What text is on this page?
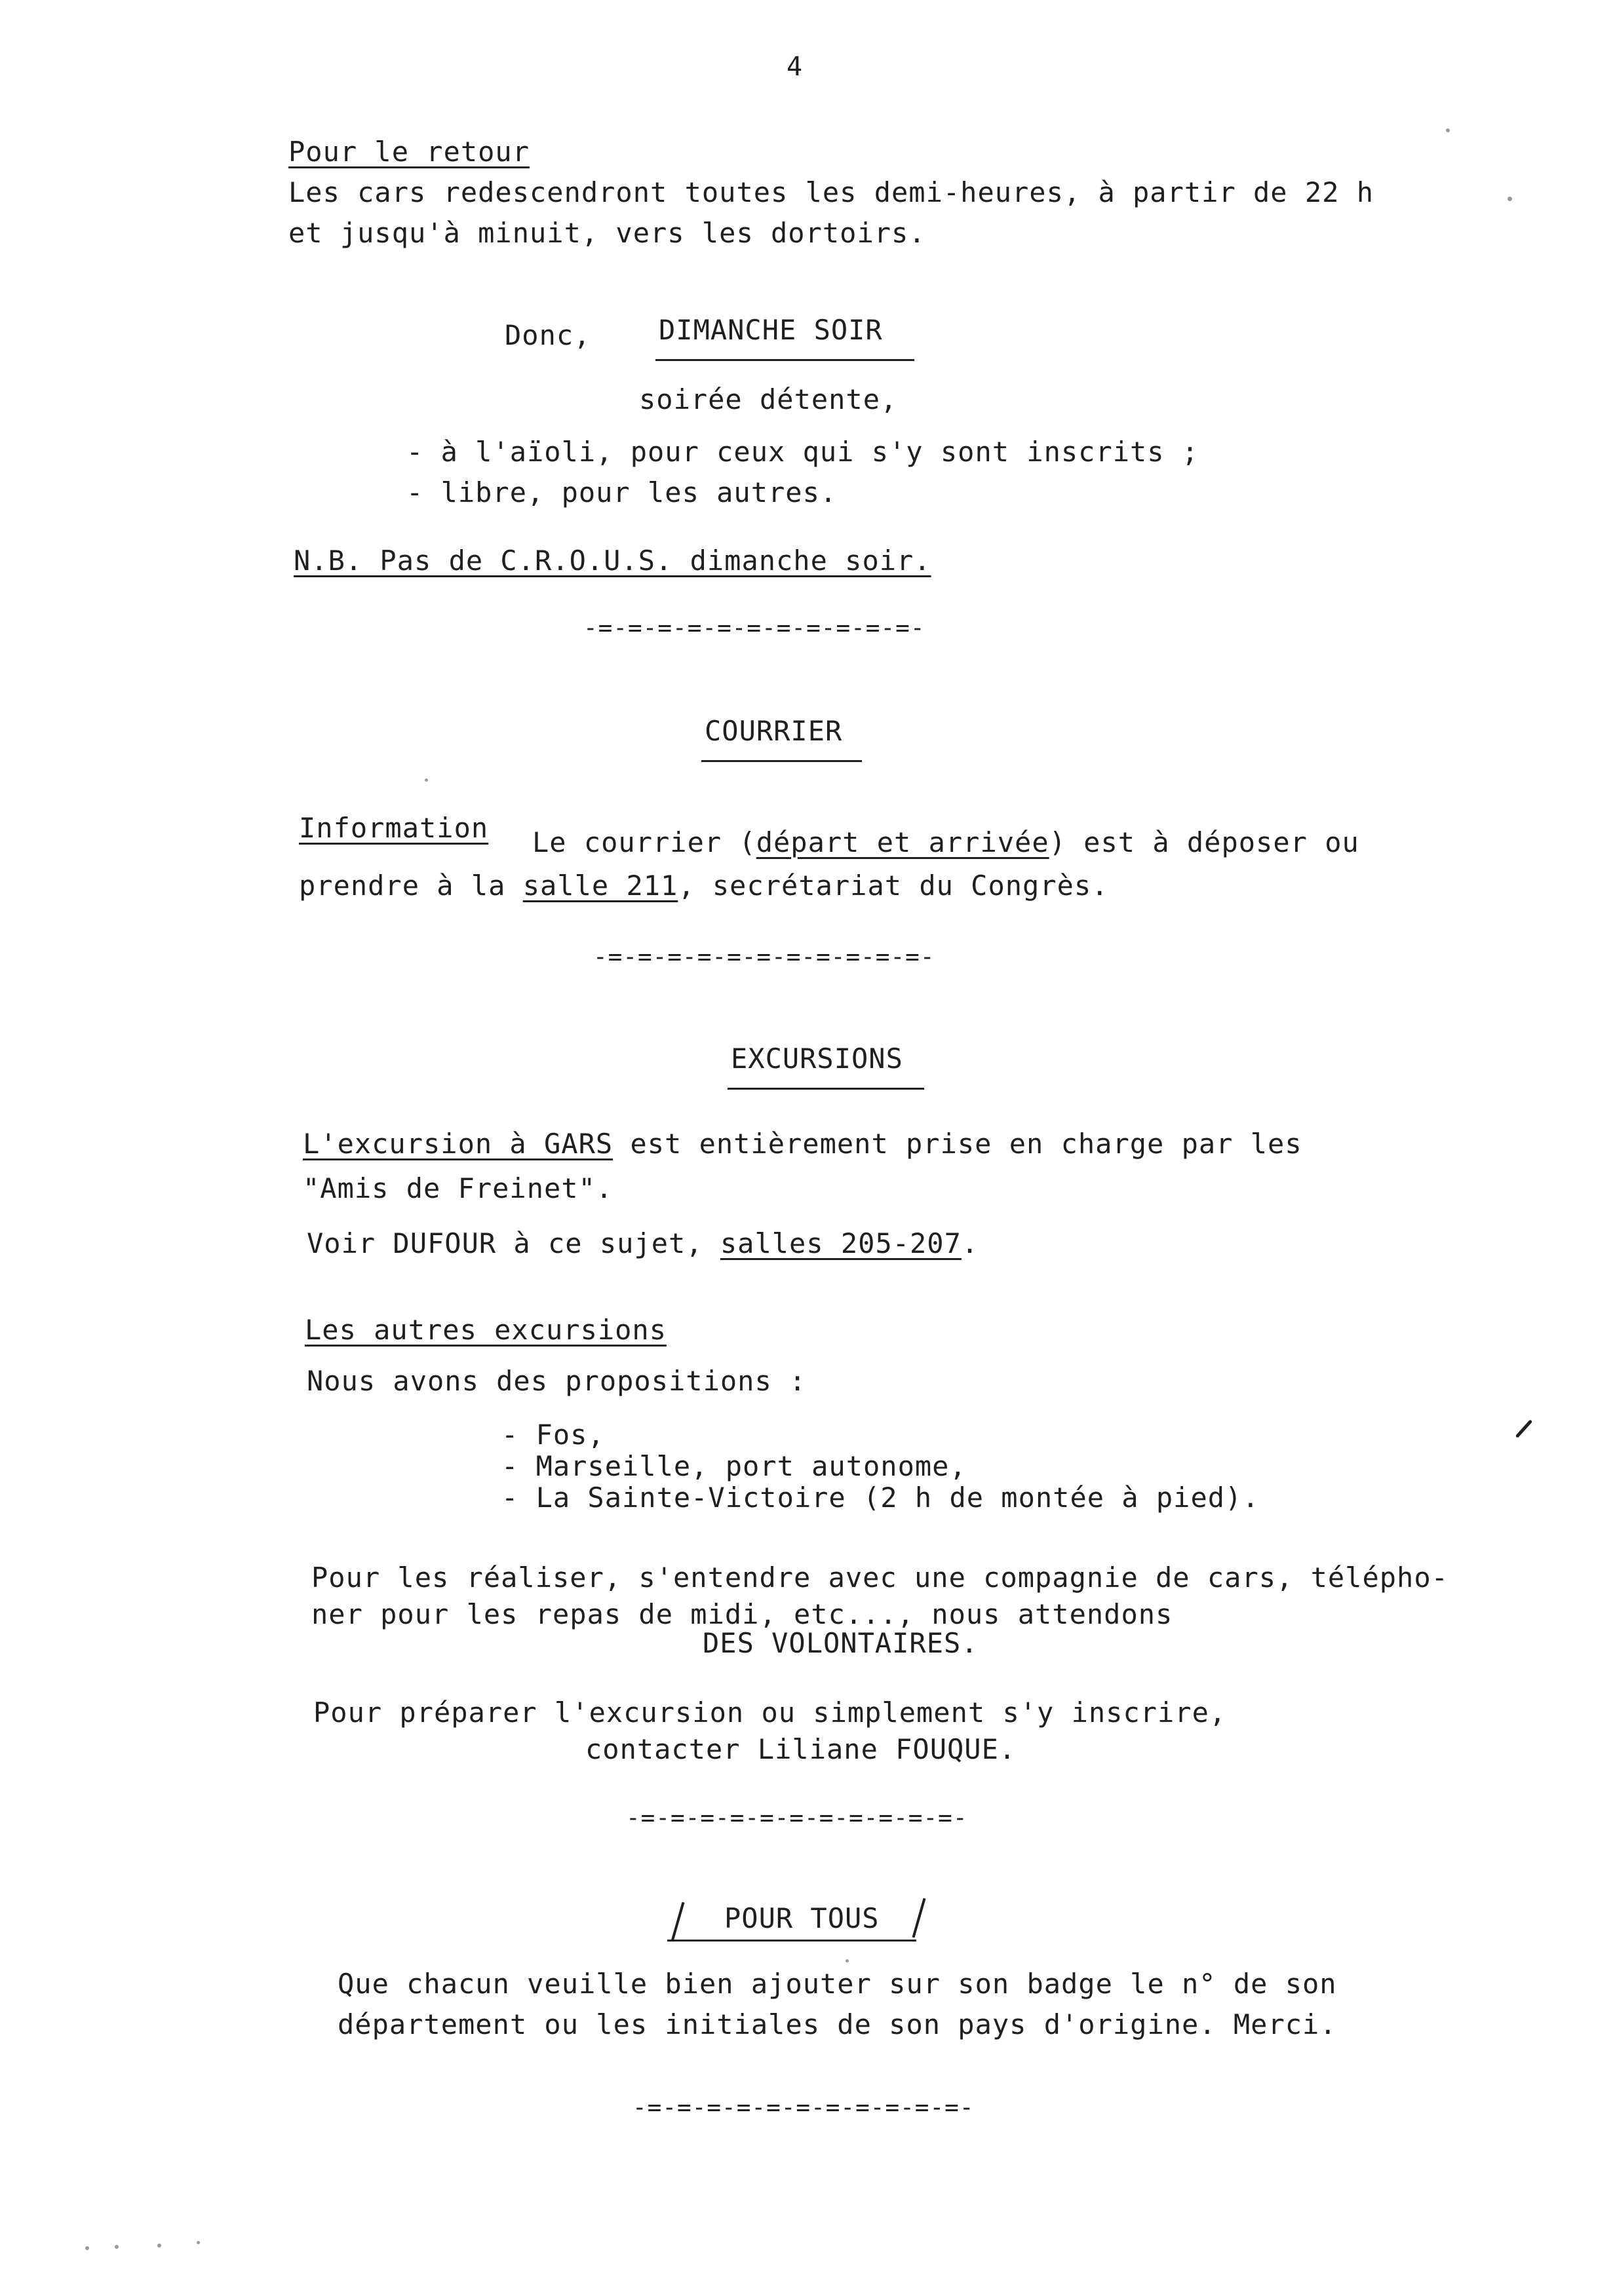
4
Pour le retour
Les cars redescendront toutes les demi-heures, à partir de 22 h
et jusqu'à minuit, vers les dortoirs.
Donc, DIMANCHE SOIR
soirée détente,
- à l'aïoli, pour ceux qui s'y sont inscrits ;
- libre, pour les autres.
N.B. Pas de C.R.O.U.S. dimanche soir.
-=-=-=-=-=-=-=-=-=-=-=-
COURRIER
Information Le courrier (départ et arrivée) est à déposer ou
prendre à la salle 211, secrétariat du Congrès.
-=-=-=-=-=-=-=-=-=-=-=-
EXCURSIONS
L'excursion à GARS est entièrement prise en charge par les
"Amis de Freinet".
Voir DUFOUR à ce sujet, salles 205-207.
Les autres excursions
Nous avons des propositions :
- Fos,
- Marseille, port autonome,
- La Sainte-Victoire (2 h de montée à pied).
Pour les réaliser, s'entendre avec une compagnie de cars, télépho-
ner pour les repas de midi, etc..., nous attendons
DES VOLONTAIRES.
Pour préparer l'excursion ou simplement s'y inscrire,
contacter Liliane FOUQUE.
-=-=-=-=-=-=-=-=-=-=-=-
POUR TOUS
Que chacun veuille bien ajouter sur son badge le n° de son
département ou les initiales de son pays d'origine. Merci.
-=-=-=-=-=-=-=-=-=-=-=-
